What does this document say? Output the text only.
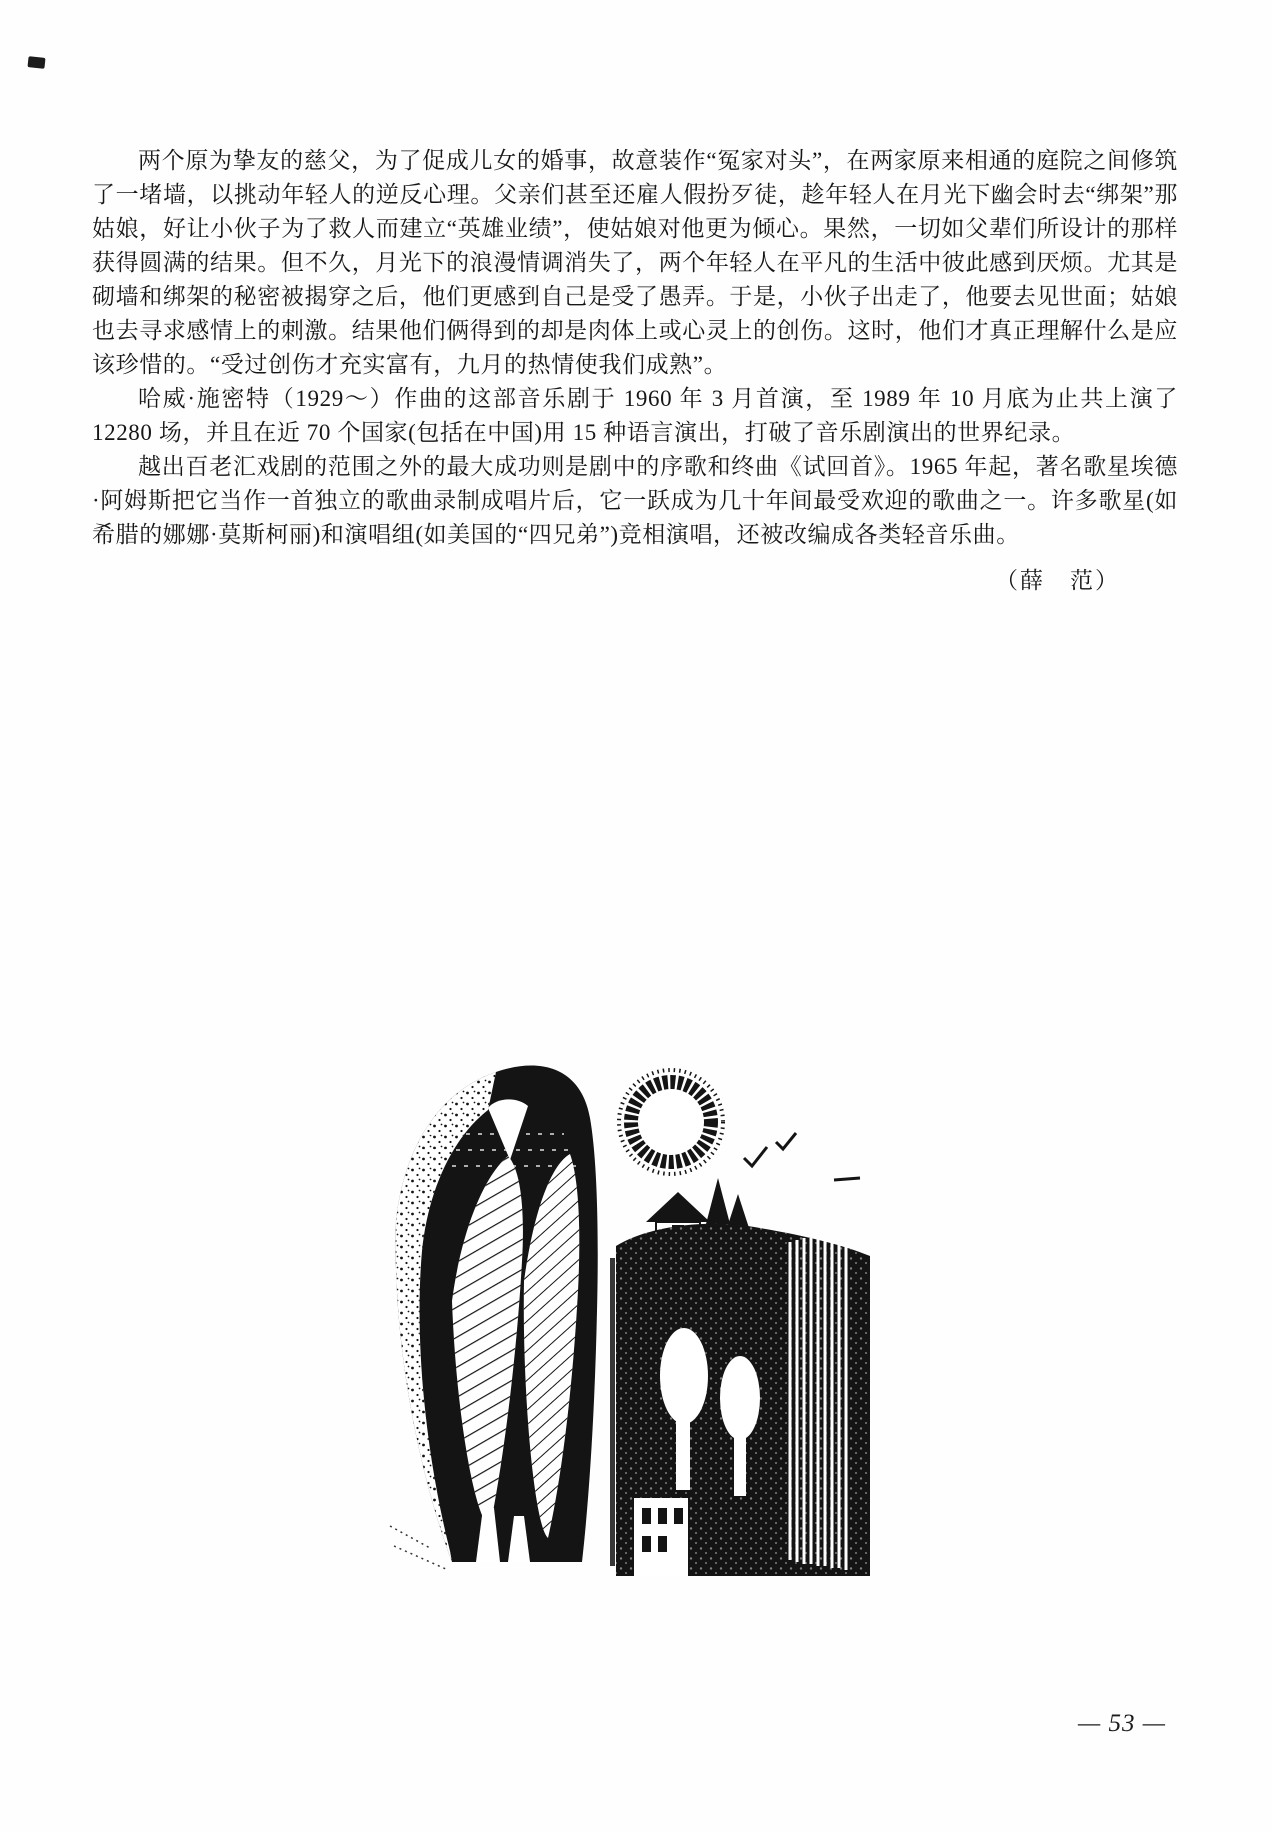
两个原为挚友的慈父，为了促成儿女的婚事，故意装作“冤家对头”，在两家原来相通的庭院之间修筑了一堵墙，以挑动年轻人的逆反心理。父亲们甚至还雇人假扮歹徒，趁年轻人在月光下幽会时去“绑架”那姑娘，好让小伙子为了救人而建立“英雄业绩”，使姑娘对他更为倾心。果然，一切如父辈们所设计的那样获得圆满的结果。但不久，月光下的浪漫情调消失了，两个年轻人在平凡的生活中彼此感到厌烦。尤其是砌墙和绑架的秘密被揭穿之后，他们更感到自己是受了愚弄。于是，小伙子出走了，他要去见世面；姑娘也去寻求感情上的刺激。结果他们俩得到的却是肉体上或心灵上的创伤。这时，他们才真正理解什么是应该珍惜的。“受过创伤才充实富有，九月的热情使我们成熟”。

哈威·施密特（1929～）作曲的这部音乐剧于 1960 年 3 月首演，至 1989 年 10 月底为止共上演了 12280 场，并且在近 70 个国家(包括在中国)用 15 种语言演出，打破了音乐剧演出的世界纪录。

越出百老汇戏剧的范围之外的最大成功则是剧中的序歌和终曲《试回首》。1965 年起，著名歌星埃德·阿姆斯把它当作一首独立的歌曲录制成唱片后，它一跃成为几十年间最受欢迎的歌曲之一。许多歌星(如希腊的娜娜·莫斯柯丽)和演唱组(如美国的“四兄弟”)竞相演唱，还被改编成各类轻音乐曲。

（薛　范）

— 53 —
